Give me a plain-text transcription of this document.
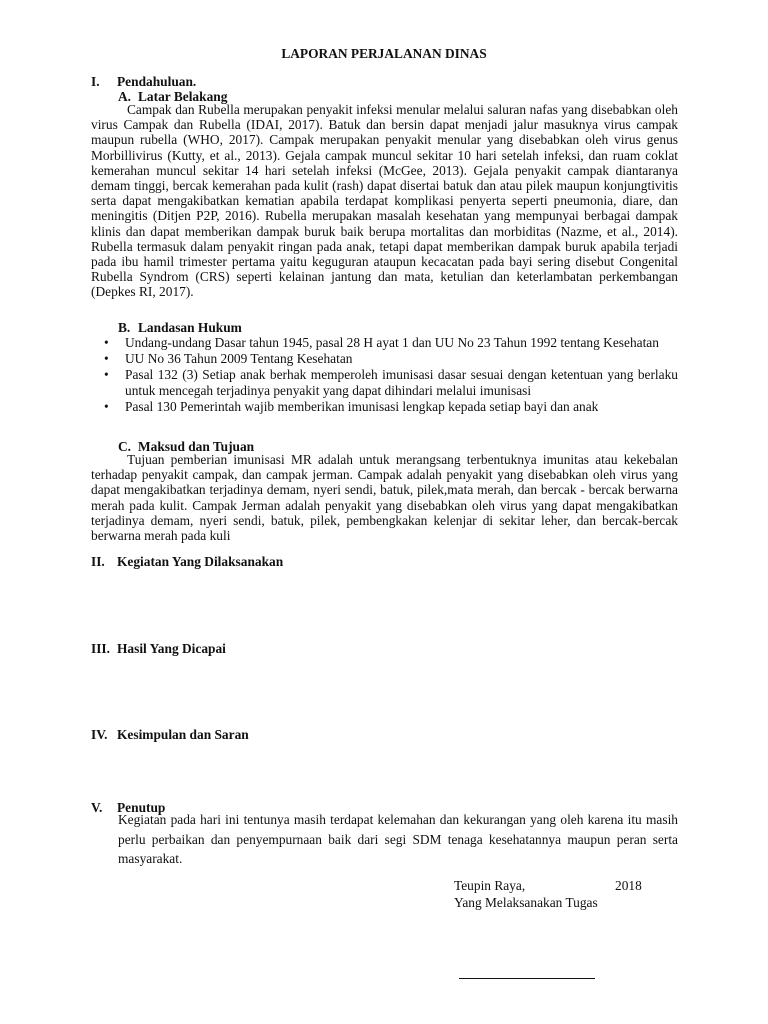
LAPORAN PERJALANAN DINAS
I. Pendahuluan.
A. Latar Belakang

Campak dan Rubella merupakan penyakit infeksi menular melalui saluran nafas yang disebabkan oleh virus Campak dan Rubella (IDAI, 2017). Batuk dan bersin dapat menjadi jalur masuknya virus campak maupun rubella (WHO, 2017). Campak merupakan penyakit menular yang disebabkan oleh virus genus Morbillivirus (Kutty, et al., 2013). Gejala campak muncul sekitar 10 hari setelah infeksi, dan ruam coklat kemerahan muncul sekitar 14 hari setelah infeksi (McGee, 2013). Gejala penyakit campak diantaranya demam tinggi, bercak kemerahan pada kulit (rash) dapat disertai batuk dan atau pilek maupun konjungtivitis serta dapat mengakibatkan kematian apabila terdapat komplikasi penyerta seperti pneumonia, diare, dan meningitis (Ditjen P2P, 2016). Rubella merupakan masalah kesehatan yang mempunyai berbagai dampak klinis dan dapat memberikan dampak buruk baik berupa mortalitas dan morbiditas (Nazme, et al., 2014). Rubella termasuk dalam penyakit ringan pada anak, tetapi dapat memberikan dampak buruk apabila terjadi pada ibu hamil trimester pertama yaitu keguguran ataupun kecacatan pada bayi sering disebut Congenital Rubella Syndrom (CRS) seperti kelainan jantung dan mata, ketulian dan keterlambatan perkembangan (Depkes RI, 2017).

B. Landasan Hukum
• Undang-undang Dasar tahun 1945, pasal 28 H ayat 1 dan UU No 23 Tahun 1992 tentang Kesehatan
• UU No 36 Tahun 2009 Tentang Kesehatan
• Pasal 132 (3) Setiap anak berhak memperoleh imunisasi dasar sesuai dengan ketentuan yang berlaku untuk mencegah terjadinya penyakit yang dapat dihindari melalui imunisasi
• Pasal 130 Pemerintah wajib memberikan imunisasi lengkap kepada setiap bayi dan anak
C. Maksud dan Tujuan

Tujuan pemberian imunisasi MR adalah untuk merangsang terbentuknya imunitas atau kekebalan terhadap penyakit campak, dan campak jerman. Campak adalah penyakit yang disebabkan oleh virus yang dapat mengakibatkan terjadinya demam, nyeri sendi, batuk, pilek,mata merah, dan bercak - bercak berwarna merah pada kulit. Campak Jerman adalah penyakit yang disebabkan oleh virus yang dapat mengakibatkan terjadinya demam, nyeri sendi, batuk, pilek, pembengkakan kelenjar di sekitar leher, dan bercak-bercak berwarna merah pada kuli

II. Kegiatan Yang Dilaksanakan
III. Hasil Yang Dicapai
IV. Kesimpulan dan Saran
V. Penutup
Kegiatan pada hari ini tentunya masih terdapat kelemahan dan kekurangan yang oleh karena itu masih perlu perbaikan dan penyempurnaan baik dari segi SDM tenaga kesehatannya maupun peran serta masyarakat.
Teupin Raya,	2018
Yang Melaksanakan Tugas
